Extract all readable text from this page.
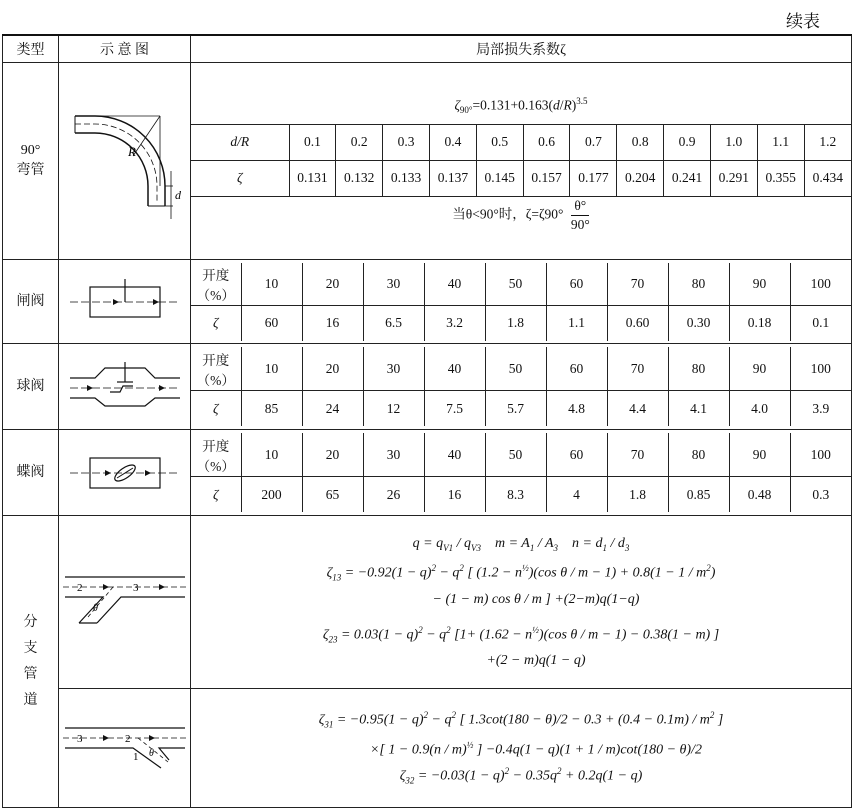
续表
类型	示 意 图	局部损失系数ζ

90°
弯管

R
d

$\zeta_{90^\circ}=0.131+0.163(d/R)^{3.5}$
d/R	0.1	0.2	0.3	0.4	0.5	0.6	0.7	0.8	0.9	1.0	1.1	1.2
ζ	0.131	0.132	0.133	0.137	0.145	0.157	0.177	0.204	0.241	0.291	0.355	0.434
当θ<90°时，$\zeta=\zeta 90^\circ \frac{\theta^\circ}{90^\circ}$

闸阀	

开度（%）	10	20	30	40	50	60	70	80	90	100
ζ	60	16	6.5	3.2	1.8	1.1	0.60	0.30	0.18	0.1

球阀	

开度（%）	10	20	30	40	50	60	70	80	90	100
ζ	85	24	12	7.5	5.7	4.8	4.4	4.1	4.0	3.9

蝶阀	

开度（%）	10	20	30	40	50	60	70	80	90	100
ζ	200	65	26	16	8.3	4	1.8	0.85	0.48	0.3

分
支
管
道

2	3
θ

$q = q_{V1} / q_{V3}$    $m = A_1 / A_3$    $n = d_1 / d_3$
$\zeta_{13} = -0.92(1 - q)^2 - q^2$ [ $(1.2 - n^{\frac{1}{2}})(\cos$ $\theta / m - 1) + 0.8(1 - 1 / m^2)$
− (1 − m) cos θ / m ] +(2−m)q(1−q)
$\zeta_{23} = 0.03(1 - q)^2 - q^2$ [$1+ (1.62 - n^{\frac{1}{2}})(\cos$ θ / m − 1) − 0.38(1 − m) ]
+(2 − m)q(1 − q)

3	2
1 θ

$\zeta_{31} = -0.95(1 - q)^2 - q^2$ [ $1.3\cot(180 - \theta)/2 - 0.3 + (0.4 - 0.1m) / m^2$ ]
×[ 1 − 0.9(n / m)$^{\frac{1}{2}}$ ] −0.4q(1 − q)(1 + 1 / m)cot(180 − θ)/2
$\zeta_{32} = -0.03(1 - q)^2 - 0.35q^2 + 0.2q(1 - q)$
